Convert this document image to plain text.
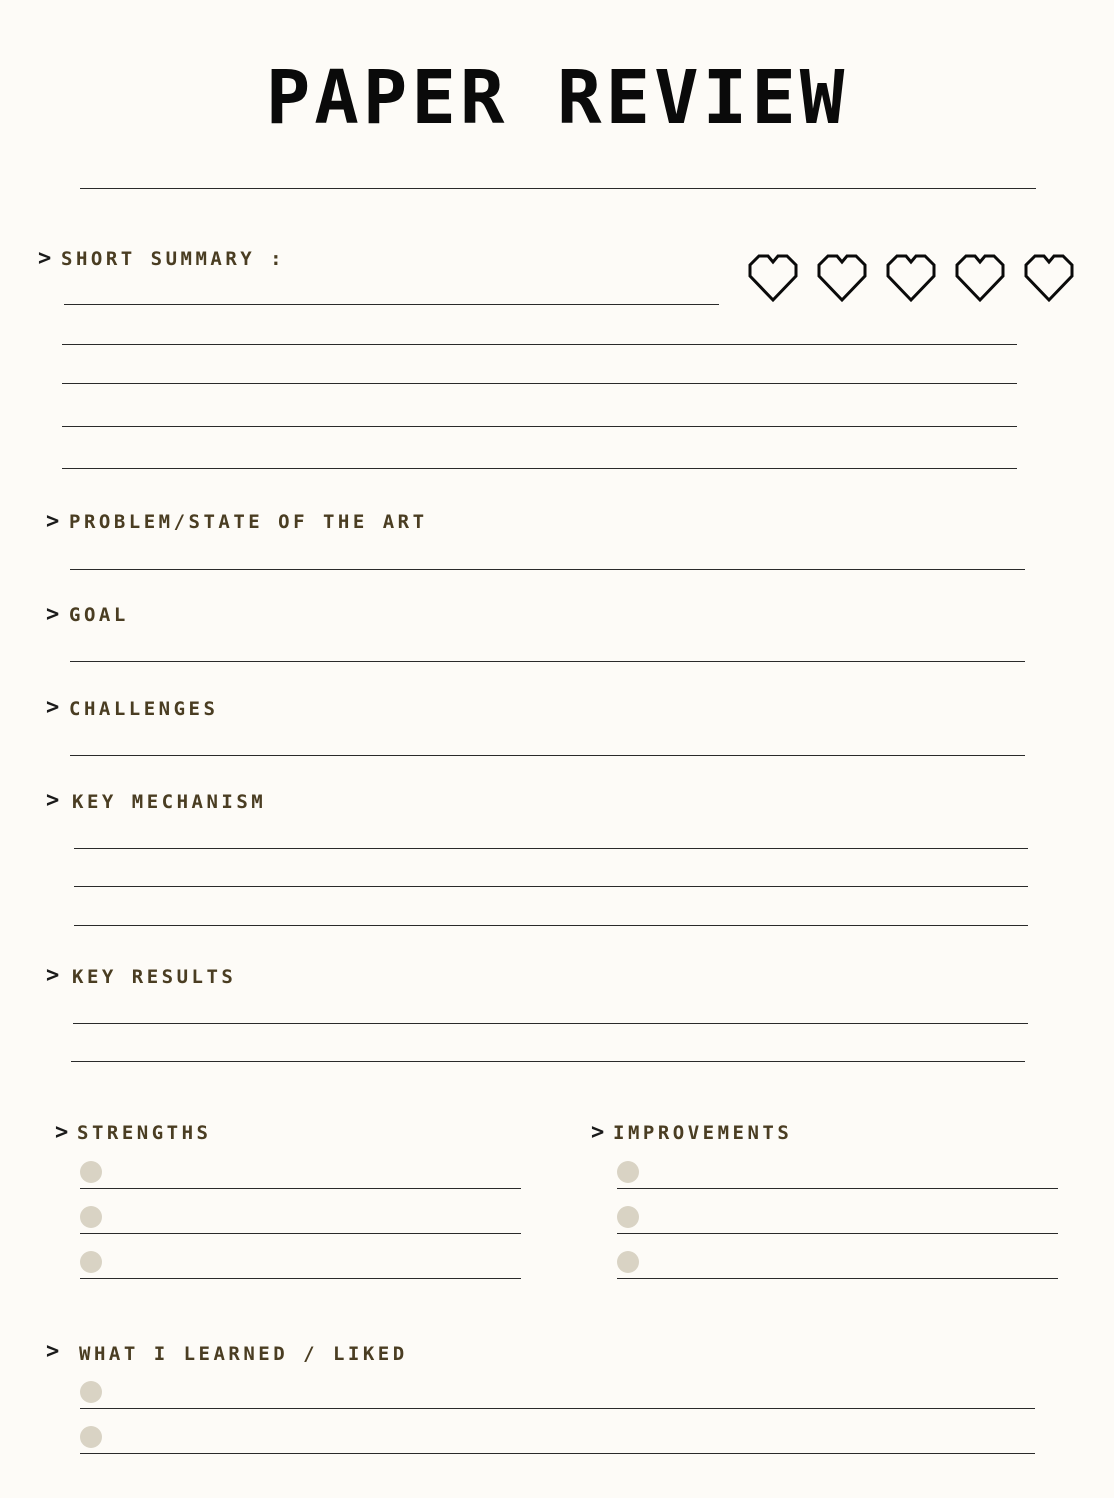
PAPER REVIEW
> SHORT SUMMARY :
> PROBLEM/STATE OF THE ART
> GOAL
> CHALLENGES
> KEY MECHANISM
> KEY RESULTS
> STRENGTHS	> IMPROVEMENTS
> WHAT I LEARNED / LIKED
